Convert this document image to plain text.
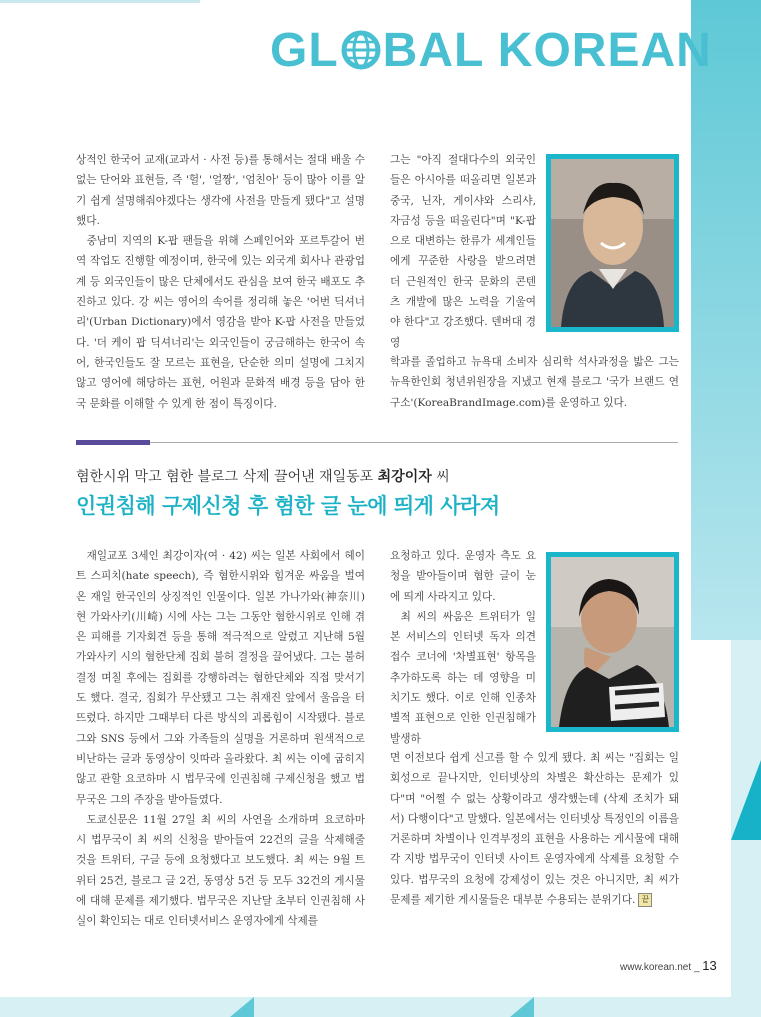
GL BAL KOREAN

상적인 한국어 교재(교과서 · 사전 등)를 통해서는 절대 배울 수 없는 단어와 표현들, 즉 '헐', '얼짱', '엄친아' 등이 많아 이를 알기 쉽게 설명해줘야겠다는 생각에 사전을 만들게 됐다"고 설명했다.

중남미 지역의 K-팝 팬들을 위해 스페인어와 포르투갈어 번역 작업도 진행할 예정이며, 한국에 있는 외국계 회사나 관광업계 등 외국인들이 많은 단체에서도 관심을 보여 한국 배포도 추진하고 있다. 강 씨는 영어의 속어를 정리해 놓은 '어번 딕셔너리'(Urban Dictionary)에서 영감을 받아 K-팝 사전을 만들었다. '더 케이 팝 딕셔너리'는 외국인들이 궁금해하는 한국어 속어, 한국인들도 잘 모르는 표현을, 단순한 의미 설명에 그치지 않고 영어에 해당하는 표현, 어원과 문화적 배경 등을 담아 한국 문화를 이해할 수 있게 한 점이 특징이다.

그는 "아직 절대다수의 외국인들은 아시아를 떠올리면 일본과 중국, 닌자, 게이샤와 스리샤, 자금성 등을 떠올린다"며 "K-팝으로 대변하는 한류가 세계인들에게 꾸준한 사랑을 받으려면 더 근원적인 한국 문화의 콘텐츠 개발에 많은 노력을 기울여야 한다"고 강조했다. 덴버대 경영

학과를 졸업하고 뉴욕대 소비자 심리학 석사과정을 밟은 그는 뉴욕한인회 청년위원장을 지냈고 현재 블로그 '국가 브랜드 연구소'(KoreaBrandImage.com)를 운영하고 있다.

혐한시위 막고 혐한 블로그 삭제 끌어낸 재일동포 최강이자 씨
인권침해 구제신청 후 혐한 글 눈에 띄게 사라져

재일교포 3세인 최강이자(여 · 42) 씨는 일본 사회에서 헤이트 스피치(hate speech), 즉 혐한시위와 힘겨운 싸움을 벌여온 재일 한국인의 상징적인 인물이다. 일본 가나가와(神奈川) 현 가와사키(川崎) 시에 사는 그는 그동안 혐한시위로 인해 겪은 피해를 기자회견 등을 통해 적극적으로 알렸고 지난해 5월 가와사키 시의 혐한단체 집회 불허 결정을 끌어냈다. 그는 불허 결정 며칠 후에는 집회를 강행하려는 혐한단체와 직접 맞서기도 했다. 결국, 집회가 무산됐고 그는 취재진 앞에서 울음을 터뜨렸다. 하지만 그때부터 다른 방식의 괴롭힘이 시작됐다. 블로그와 SNS 등에서 그와 가족들의 실명을 거론하며 원색적으로 비난하는 글과 동영상이 잇따라 올라왔다. 최 씨는 이에 굽히지 않고 관할 요코하마 시 법무국에 인권침해 구제신청을 했고 법무국은 그의 주장을 받아들였다.

도쿄신문은 11월 27일 최 씨의 사연을 소개하며 요코하마 시 법무국이 최 씨의 신청을 받아들여 22건의 글을 삭제해줄 것을 트위터, 구글 등에 요청했다고 보도했다. 최 씨는 9월 트위터 25건, 블로그 글 2건, 동영상 5건 등 모두 32건의 게시물에 대해 문제를 제기했다. 법무국은 지난달 초부터 인권침해 사실이 확인되는 대로 인터넷서비스 운영자에게 삭제를

요청하고 있다. 운영자 측도 요청을 받아들이며 혐한 글이 눈에 띄게 사라지고 있다.

최 씨의 싸움은 트위터가 일본 서비스의 인터넷 독자 의견 접수 코너에 '차별표현' 항목을 추가하도록 하는 데 영향을 미치기도 했다. 이로 인해 인종차별적 표현으로 인한 인권침해가 발생하

면 이전보다 쉽게 신고를 할 수 있게 됐다. 최 씨는 "집회는 일회성으로 끝나지만, 인터넷상의 차별은 확산하는 문제가 있다"며 "어쩔 수 없는 상황이라고 생각했는데 (삭제 조치가 돼서) 다행이다"고 말했다. 일본에서는 인터넷상 특정인의 이름을 거론하며 차별이나 인격부정의 표현을 사용하는 게시물에 대해 각 지방 법무국이 인터넷 사이트 운영자에게 삭제를 요청할 수 있다. 법무국의 요청에 강제성이 있는 것은 아니지만, 최 씨가 문제를 제기한 게시물들은 대부분 수용되는 분위기다. 끝

www.korean.net _ 13
